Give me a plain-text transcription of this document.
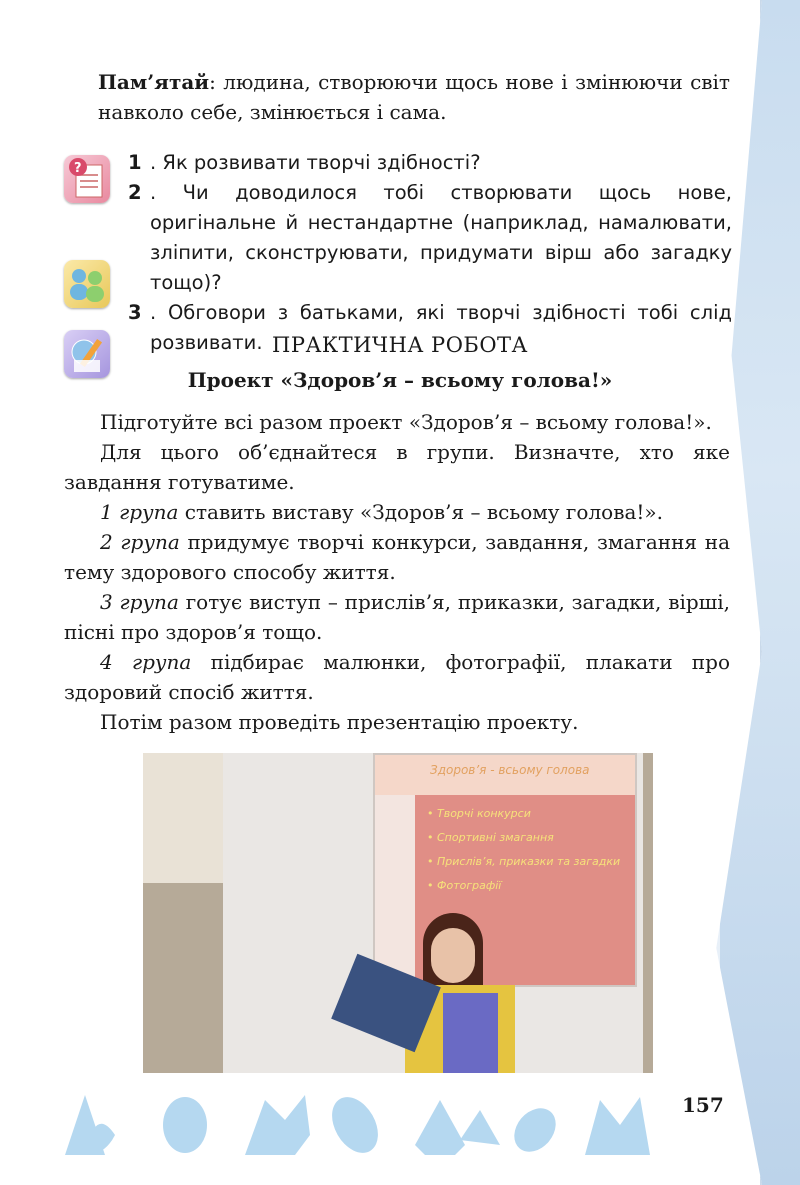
Пам’ятай: людина, створюючи щось нове і змінюючи світ навколо себе, змінюється і сама.
? 1 . Як розвивати творчі здібності?
2 . Чи доводилося тобі створювати щось нове, оригінальне й нестандартне (наприклад, намалювати, зліпити, сконструювати, придумати вірш або загадку тощо)?
3 . Обговори з батьками, які творчі здібності тобі слід розвивати. ПРАКТИЧНА РОБОТА
Проект «Здоров’я – всьому голова!»

Підготуйте всі разом проект «Здоров’я – всьому голова!».

Для цього об’єднайтеся в групи. Визначте, хто яке завдання готуватиме.

1 група ставить виставу «Здоров’я – всьому голова!».

2 група придумує творчі конкурси, завдання, змагання на тему здорового способу життя.

3 група готує виступ – прислів’я, приказки, загадки, вірші, пісні про здоров’я тощо.

4 група підбирає малюнки, фотографії, плакати про здоровий спосіб життя.

Потім разом проведіть презентацію проекту.

Здоров’я - всьому голова
• Творчі конкурси
• Спортивні змагання
• Прислів’я, приказки та загадки
• Фотографії
157
